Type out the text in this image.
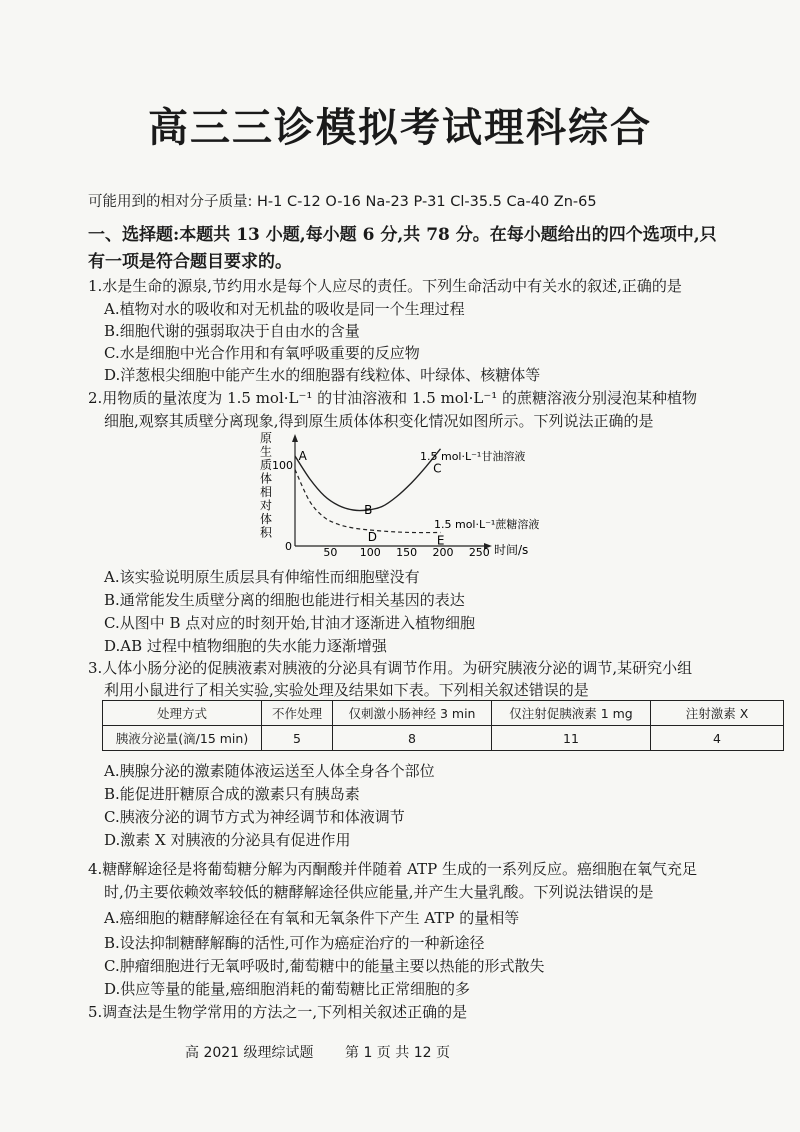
高三三诊模拟考试理科综合
可能用到的相对分子质量: H-1 C-12 O-16 Na-23 P-31 Cl-35.5 Ca-40 Zn-65
一、选择题:本题共 13 小题,每小题 6 分,共 78 分。在每小题给出的四个选项中,只
有一项是符合题目要求的。
1.水是生命的源泉,节约用水是每个人应尽的责任。下列生命活动中有关水的叙述,正确的是
A.植物对水的吸收和对无机盐的吸收是同一个生理过程
B.细胞代谢的强弱取决于自由水的含量
C.水是细胞中光合作用和有氧呼吸重要的反应物
D.洋葱根尖细胞中能产生水的细胞器有线粒体、叶绿体、核糖体等
2.用物质的量浓度为 1.5 mol·L⁻¹ 的甘油溶液和 1.5 mol·L⁻¹ 的蔗糖溶液分别浸泡某种植物
细胞,观察其质壁分离现象,得到原生质体体积变化情况如图所示。下列说法正确的是
原
生
质
体
相
对
体
积
100
0	50 100 150 200 250 时间/s
1.5 mol·L⁻¹甘油溶液
1.5 mol·L⁻¹蔗糖溶液
A
B
C
D	E
A.该实验说明原生质层具有伸缩性而细胞壁没有
B.通常能发生质壁分离的细胞也能进行相关基因的表达
C.从图中 B 点对应的时刻开始,甘油才逐渐进入植物细胞
D.AB 过程中植物细胞的失水能力逐渐增强
3.人体小肠分泌的促胰液素对胰液的分泌具有调节作用。为研究胰液分泌的调节,某研究小组
利用小鼠进行了相关实验,实验处理及结果如下表。下列相关叙述错误的是
处理方式	不作处理	仅刺激小肠神经 3 min	仅注射促胰液素 1 mg	注射激素 X
胰液分泌量(滴/15 min)	5	8	11	4
A.胰腺分泌的激素随体液运送至人体全身各个部位
B.能促进肝糖原合成的激素只有胰岛素
C.胰液分泌的调节方式为神经调节和体液调节
D.激素 X 对胰液的分泌具有促进作用
4.糖酵解途径是将葡萄糖分解为丙酮酸并伴随着 ATP 生成的一系列反应。癌细胞在氧气充足
时,仍主要依赖效率较低的糖酵解途径供应能量,并产生大量乳酸。下列说法错误的是
A.癌细胞的糖酵解途径在有氧和无氧条件下产生 ATP 的量相等
B.设法抑制糖酵解酶的活性,可作为癌症治疗的一种新途径
C.肿瘤细胞进行无氧呼吸时,葡萄糖中的能量主要以热能的形式散失
D.供应等量的能量,癌细胞消耗的葡萄糖比正常细胞的多
5.调查法是生物学常用的方法之一,下列相关叙述正确的是
高 2021 级理综试题 第 1 页 共 12 页
